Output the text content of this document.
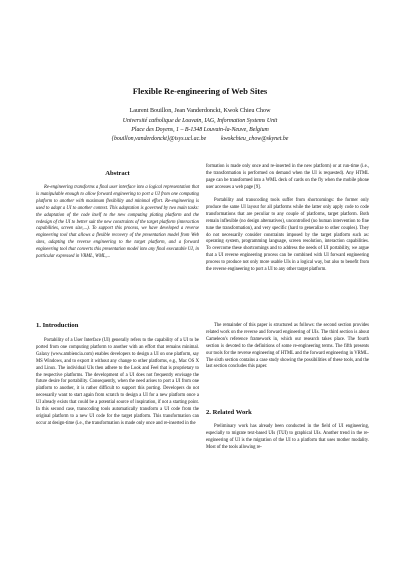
Flexible Re-engineering of Web Sites
Laurent Bouillon, Jean Vanderdonckt, Kwok Chieu Chow
Université catholique de Louvain, IAG, Information Systems Unit
Place des Doyens, 1 – B-1348 Louvain-la-Neuve, Belgium
{bouillon,vanderdonckt}@isys.ucl.ac.be          kwokchieu_chow@skynet.be
Abstract

Re-engineering transforms a final user interface into a logical representation that is manipulable enough to allow forward engineering to port a UI from one computing platform to another with maximum flexibility and minimal effort. Re-engineering is used to adapt a UI to another context. This adaptation is governed by two main tasks: the adaptation of the code itself to the new computing plating platform and the redesign of the UI to better suit the new constraints of the target platform (interaction capabilities, screen size,...). To support this process, we have developed a reverse engineering tool that allows a flexible recovery of the presentation model from Web sites, adapting the reverse engineering to the target platform, and a forward engineering tool that converts this presentation model into any final executable UI, in particular expressed in VRML, WML,...

1. Introduction

Portability of a User Interface (UI) generally refers to the capability of a UI to be ported from one computing platform to another with an effort that remains minimal. Galaxy (www.ambiencia.com) enables developers to design a UI on one platform, say MS Windows, and to export it without any change to other platforms, e.g., Mac OS X and Linux. The individual UIs then adhere to the Look and Feel that is proprietary to the respective platforms. The development of a UI does not frequently envisage the future desire for portability. Consequently, when the need arises to port a UI from one platform to another, it is rather difficult to support this porting. Developers do not necessarily want to start again from scratch to design a UI for a new platform once a UI already exists that could be a potential source of inspiration, if not a starting point. In this second case, transcoding tools automatically transform a UI code from the original platform to a new UI code for the target platform. This transformation can occur at design-time (i.e., the transformation is made only once and re-inserted in the

formation is made only once and re-inserted in the new platform) or at run-time (i.e., the transformation is performed on demand when the UI is requested). Any HTML page can be transformed into a WML deck of cards on the fly when the mobile phone user accesses a web page [9].

Portability and transcoding tools suffer from shortcomings: the former only produce the same UI layout for all platforms while the latter only apply code to code transformations that are peculiar to any couple of platforms, target platform. Both remain inflexible (no design alternatives), uncontrolled (no human intervention to fine tune the transformation), and very specific (hard to generalize to other couples). They do not necessarily consider constraints imposed by the target platform such as: operating system, programming language, screen resolution, interaction capabilities. To overcome these shortcomings and to address the needs of UI portability, we argue that a UI reverse engineering process can be combined with UI forward engineering process to produce not only more usable UIs in a logical way, but also to benefit from the reverse engineering to port a UI to any other target platform.

The remainder of this paper is structured as follows: the second section provides related work on the reverse and forward engineering of UIs. The third section is about Cameleon's reference framework in, which our research takes place. The fourth section is devoted to the definitions of some re-engineering terms. The fifth presents our tools for the reverse engineering of HTML and the forward engineering in VRML. The sixth section contains a case study showing the possibilities of these tools, and the last section concludes this paper.

2. Related Work

Preliminary work has already been conducted in the field of UI engineering, especially to migrate text-based UIs (TUI) to graphical UIs. Another trend in the re-engineering of UI is the migration of the UI to a platform that uses mother modality. Most of the tools allowing re-
